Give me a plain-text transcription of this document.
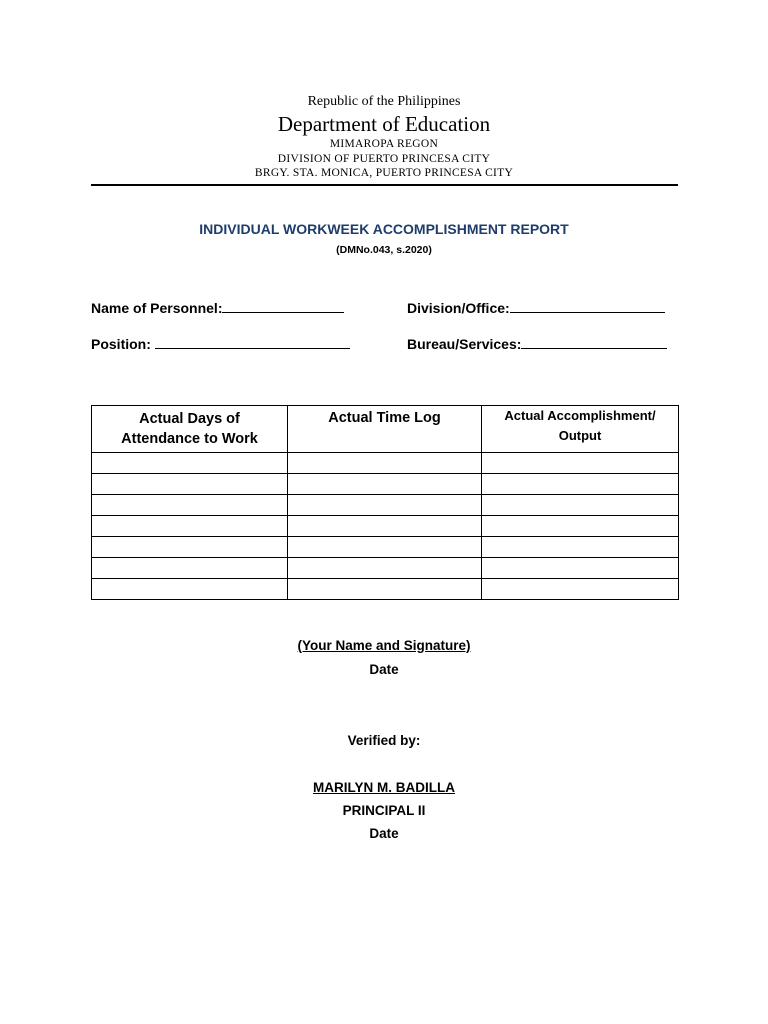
Republic of the Philippines
Department of Education
MIMAROPA REGON
DIVISION OF PUERTO PRINCESA CITY
BRGY. STA. MONICA, PUERTO PRINCESA CITY
INDIVIDUAL WORKWEEK ACCOMPLISHMENT REPORT
(DMNo.043, s.2020)
Name of Personnel:	Division/Office:
Position:	Bureau/Services:
Actual Days of Attendance to Work	Actual Time Log	Actual Accomplishment/ Output

(Your Name and Signature)
Date
Verified by:
MARILYN M. BADILLA
PRINCIPAL II
Date
